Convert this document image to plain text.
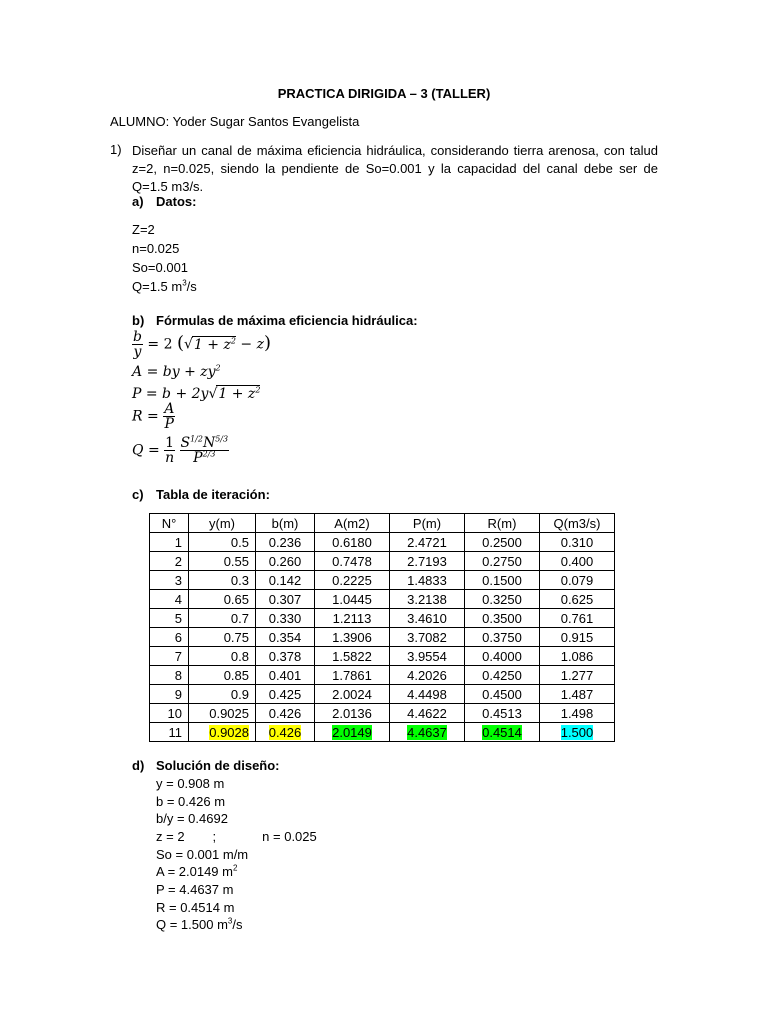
PRACTICA DIRIGIDA – 3 (TALLER)
ALUMNO: Yoder Sugar Santos Evangelista
1) Diseñar un canal de máxima eficiencia hidráulica, considerando tierra arenosa, con talud z=2, n=0.025, siendo la pendiente de So=0.001 y la capacidad del canal debe ser de Q=1.5 m3/s.
a) Datos:
Z=2
n=0.025
So=0.001
Q=1.5 $m^3/s$
b) Fórmulas de máxima eficiencia hidráulica:
$\frac{b}{y} = 2$ $(√1 + z^2 - z)$
A = by + $zy^2$
$P = b + 2y√1 + z^2$
$R = \frac{A}{P}$
$Q = \frac{1}{n}$
$\frac{S^{1/2}N^{5/3}}{P^{2/3}}$
c) Tabla de iteración:
N°	y(m)	b(m)	A(m2)	P(m)	R(m)	Q(m3/s)
1	0.5	0.236	0.6180	2.4721	0.2500	0.310
2	0.55	0.260	0.7478	2.7193	0.2750	0.400
3	0.3	0.142	0.2225	1.4833	0.1500	0.079
4	0.65	0.307	1.0445	3.2138	0.3250	0.625
5	0.7	0.330	1.2113	3.4610	0.3500	0.761
6	0.75	0.354	1.3906	3.7082	0.3750	0.915
7	0.8	0.378	1.5822	3.9554	0.4000	1.086
8	0.85	0.401	1.7861	4.2026	0.4250	1.277
9	0.9	0.425	2.0024	4.4498	0.4500	1.487
10	0.9025	0.426	2.0136	4.4622	0.4513	1.498
11	0.9028	0.426	2.0149	4.4637	0.4514	1.500
d) Solución de diseño:
y = 0.908 m
b = 0.426 m
b/y = 0.4692
z = 2 ;	n = 0.025
So = 0.001 m/m
A = 2.0149 $m^2$
P = 4.4637 m
R = 0.4514 m
Q = 1.500 $m^3/s$
